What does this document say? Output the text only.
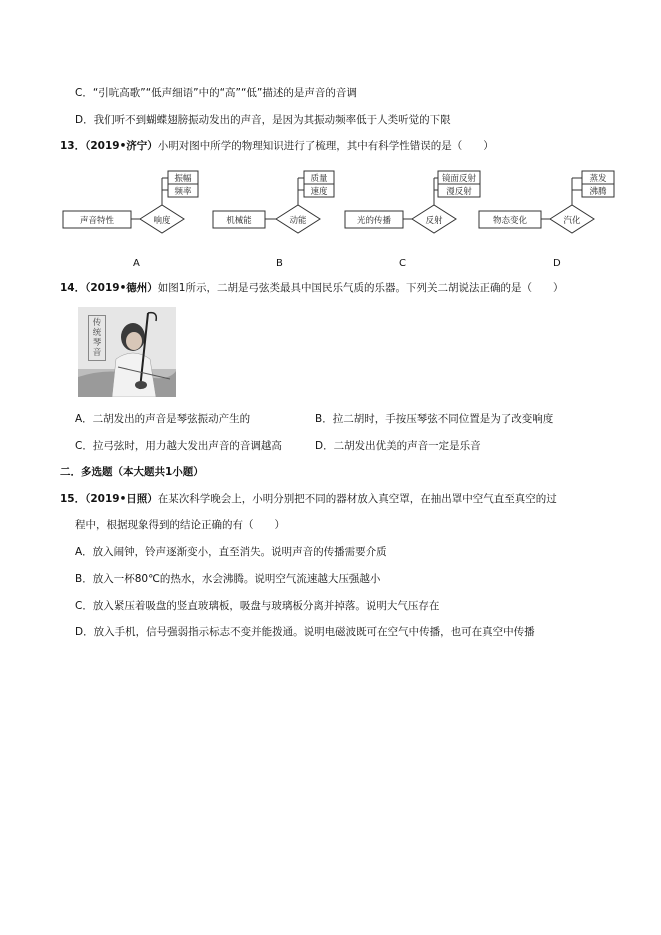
C．“引吭高歌”“低声细语”中的“高”“低”描述的是声音的音调
D．我们听不到蝴蝶翅膀振动发出的声音，是因为其振动频率低于人类听觉的下限
13．（2019•济宁）小明对图中所学的物理知识进行了梳理，其中有科学性错误的是（　　）
声音特性	响度
振幅
频率
机械能	动能
质量
速度
光的传播	反射
镜面反射
漫反射
物态变化	汽化
蒸发
沸腾
A	B	C	D
14．（2019•德州）如图1所示，二胡是弓弦类最具中国民乐气质的乐器。下列关二胡说法正确的是（　　）
传统琴音
A．二胡发出的声音是琴弦振动产生的	B．拉二胡时，手按压琴弦不同位置是为了改变响度
C．拉弓弦时，用力越大发出声音的音调越高	D．二胡发出优美的声音一定是乐音
二．多选题（本大题共1小题）
15．（2019•日照）在某次科学晚会上，小明分别把不同的器材放入真空罩，在抽出罩中空气直至真空的过
程中，根据现象得到的结论正确的有（　　）
A．放入闹钟，铃声逐渐变小，直至消失。说明声音的传播需要介质
B．放入一杯80℃的热水，水会沸腾。说明空气流速越大压强越小
C．放入紧压着吸盘的竖直玻璃板，吸盘与玻璃板分离并掉落。说明大气压存在
D．放入手机，信号强弱指示标志不变并能拨通。说明电磁波既可在空气中传播，也可在真空中传播
